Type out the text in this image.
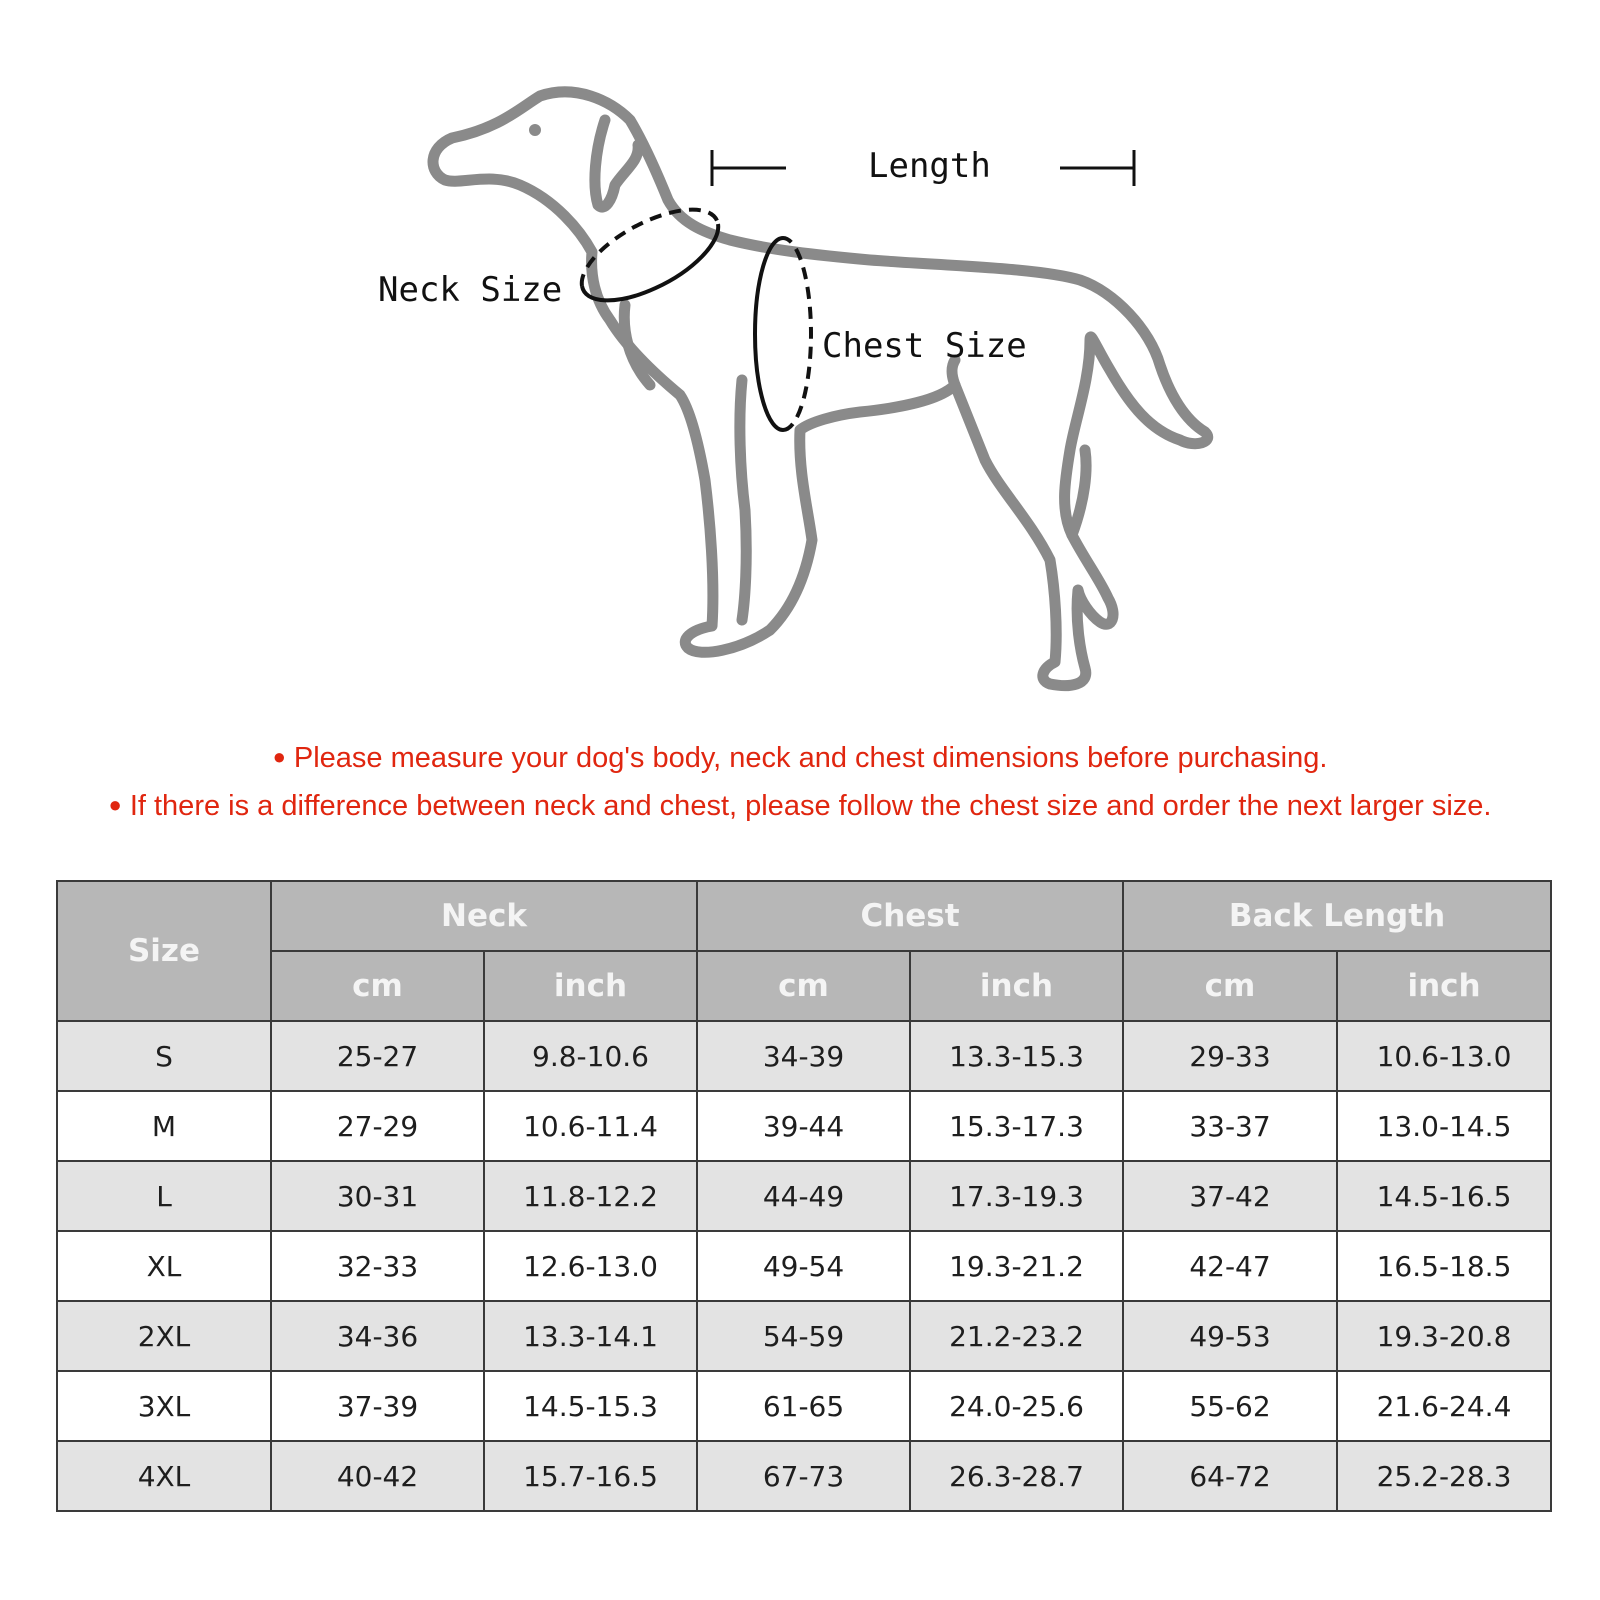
Length
Neck Size
Chest Size
● Please measure your dog's body, neck and chest dimensions before purchasing.
● If there is a difference between neck and chest, please follow the chest size and order the next larger size.
Size	Neck		Chest		Back Length	
	cm	inch	cm	inch	cm	inch
S	25-27	9.8-10.6	34-39	13.3-15.3	29-33	10.6-13.0
M	27-29	10.6-11.4	39-44	15.3-17.3	33-37	13.0-14.5
L	30-31	11.8-12.2	44-49	17.3-19.3	37-42	14.5-16.5
XL	32-33	12.6-13.0	49-54	19.3-21.2	42-47	16.5-18.5
2XL	34-36	13.3-14.1	54-59	21.2-23.2	49-53	19.3-20.8
3XL	37-39	14.5-15.3	61-65	24.0-25.6	55-62	21.6-24.4
4XL	40-42	15.7-16.5	67-73	26.3-28.7	64-72	25.2-28.3
